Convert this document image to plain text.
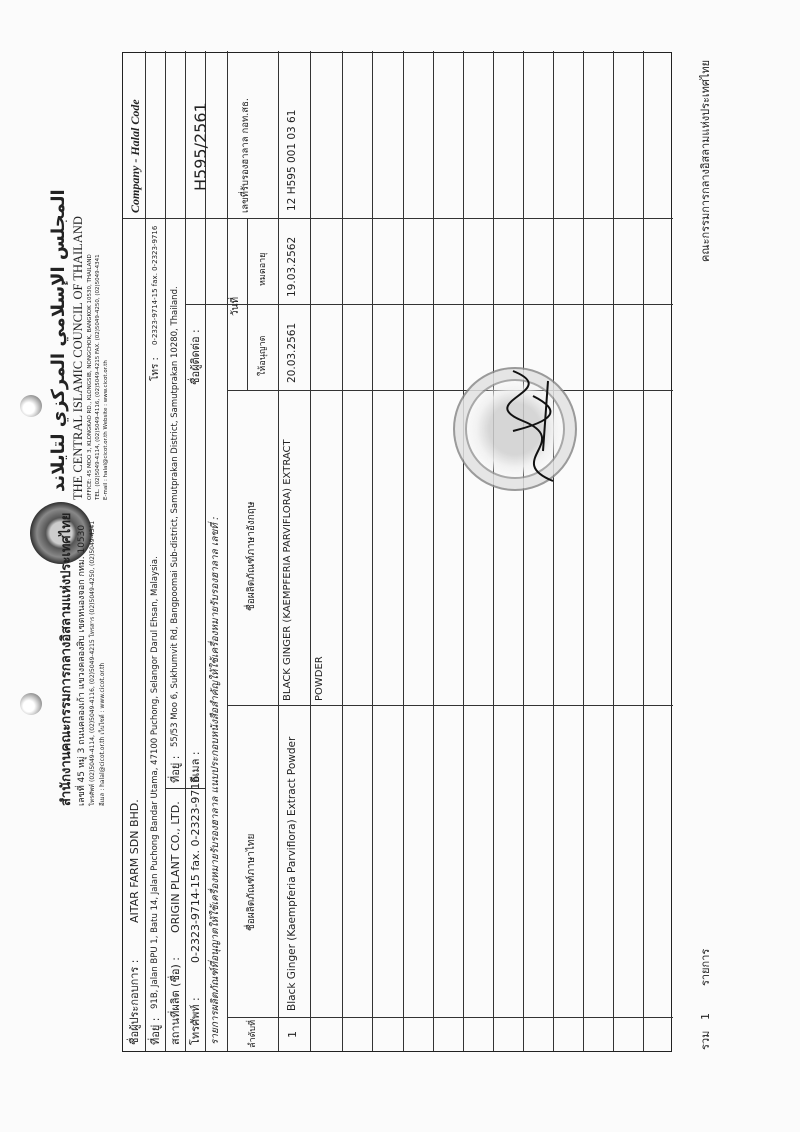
สำนักงานคณะกรรมการกลางอิสลามแห่งประเทศไทย เลขที่ 45 หมู่ 3 ถนนคลองเก้า แขวงคลองสิบ เขตหนองจอก กทม. 10530 โทรศัพท์ (02)5049-4114, (02)5049-4116, (02)5049-4215 โทรสาร (02)5049-4250, (02)5049-4341 อีเมล : halal@cicot.or.th เว็บไซต์ : www.cicot.or.th
المجلس الإسلامي المركزي لتايلاند THE CENTRAL ISLAMIC COUNCIL OF THAILAND OFFICE: 45 MOO 3, KLONGKAO RD., KLONGSIB, NONGCHOK, BANGKOK 10530, THAILAND TEL. (02)5049-4114, (02)5049-4116, (02)5049-4215 FAX. (02)5049-4250, (02)5049-4341 E-mail : halal@cicot.or.th Website : www.cicot.or.th
ชื่อผู้ประกอบการ :
AITAR FARM SDN BHD.
ที่อยู่ :
91B, Jalan BPU 1, Batu 14, Jalan Puchong Bandar Utama, 47100 Puchong, Selangor Darul Ehsan, Malaysia.
โทร :
0-2323-9714-15 fax. 0-2323-9716
สถานที่ผลิต (ชื่อ) :
ORIGIN PLANT CO., LTD.
ที่อยู่ :
55/53 Moo 6, Sukhumvit Rd, Bangpoomai Sub-district, Samutprakan District, Samutprakan 10280, Thailand.
โทรศัพท์ :
0-2323-9714-15 fax. 0-2323-9716
อีเมล :
ชื่อผู้ติดต่อ :
รายการผลิตภัณฑ์ที่อนุญาตให้ใช้เครื่องหมายรับรองฮาลาล แนบประกอบหนังสือสำคัญให้ใช้เครื่องหมายรับรองฮาลาล เลขที่ :
Company - Halal Code	H595/2561
ลำดับที่
ชื่อผลิตภัณฑ์ภาษาไทย
ชื่อผลิตภัณฑ์ภาษาอังกฤษ
วันที่
ให้อนุญาต
หมดอายุ
เลขที่รับรองฮาลาล กอท.สธ.
1
Black Ginger (Kaempferia Parviflora) Extract Powder
BLACK GINGER (KAEMPFERIA PARVIFLORA) EXTRACT POWDER
20.03.2561
19.03.2562
12 H595 001 03 61
รวม
1
รายการ
คณะกรรมการกลางอิสลามแห่งประเทศไทย
